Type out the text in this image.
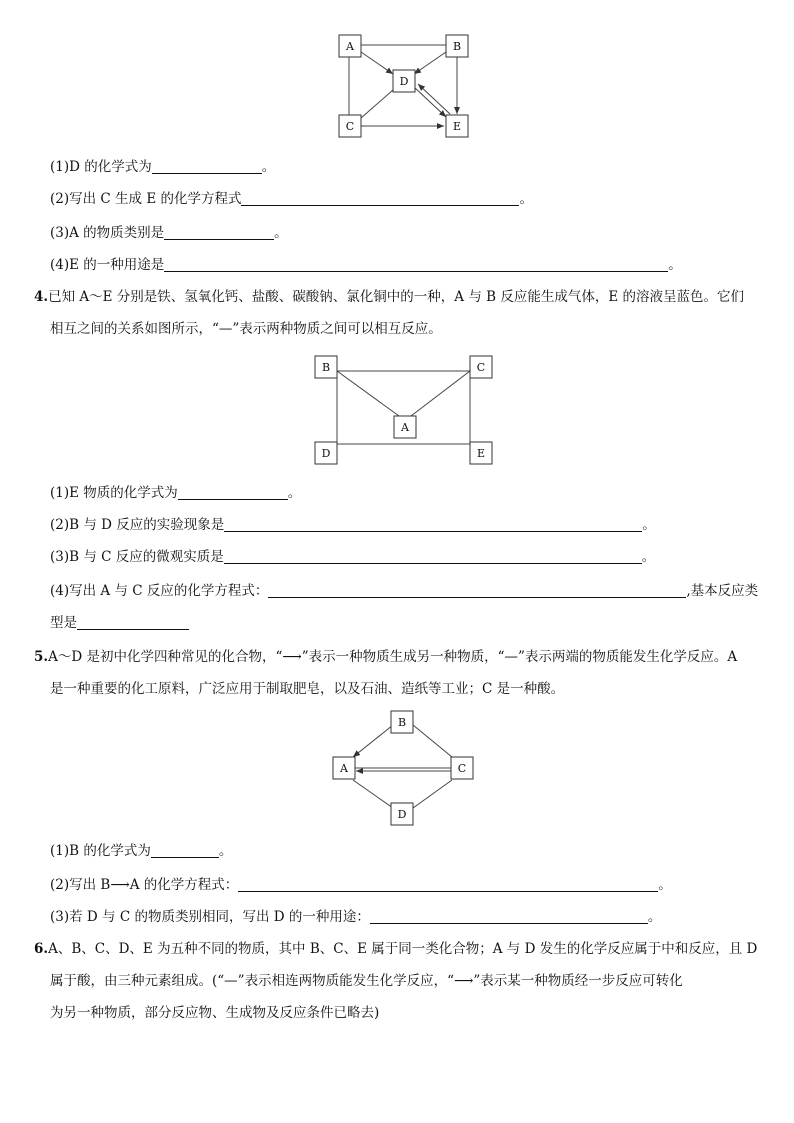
A	B
D
C	E
(1)D 的化学式为	。
(2)写出 C 生成 E 的化学方程式	。
(3)A 的物质类别是	。
(4)E 的一种用途是	。
4.已知 A～E 分别是铁、氢氧化钙、盐酸、碳酸钠、氯化铜中的一种，A 与 B 反应能生成气体，E 的溶液呈蓝色。它们
相互之间的关系如图所示，“—”表示两种物质之间可以相互反应。
B	C
A
D	E
(1)E 物质的化学式为	。
(2)B 与 D 反应的实验现象是	。
(3)B 与 C 反应的微观实质是	。
(4)写出 A 与 C 反应的化学方程式：	,基本反应类
型是
5.A～D 是初中化学四种常见的化合物，“⟶”表示一种物质生成另一种物质，“—”表示两端的物质能发生化学反应。A
是一种重要的化工原料，广泛应用于制取肥皂，以及石油、造纸等工业；C 是一种酸。
B
A	C
D
(1)B 的化学式为	。
(2)写出 B⟶A 的化学方程式：	。
(3)若 D 与 C 的物质类别相同，写出 D 的一种用途：	。
6.A、B、C、D、E 为五种不同的物质，其中 B、C、E 属于同一类化合物；A 与 D 发生的化学反应属于中和反应，且 D
属于酸，由三种元素组成。(“—”表示相连两物质能发生化学反应，“⟶”表示某一种物质经一步反应可转化
为另一种物质，部分反应物、生成物及反应条件已略去)
